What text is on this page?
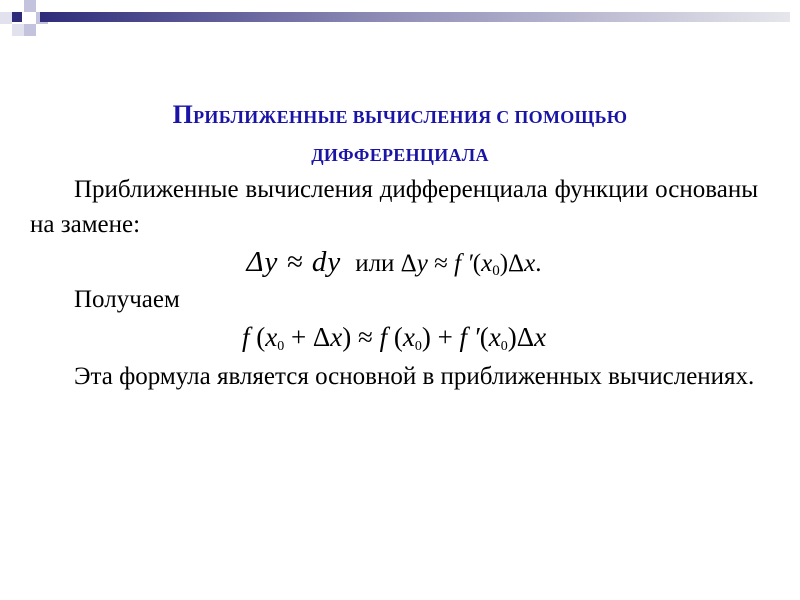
ПРИБЛИЖЕННЫЕ ВЫЧИСЛЕНИЯ С ПОМОЩЬЮ
ДИФФЕРЕНЦИАЛА

Приближенные вычисления дифференциала функции основаны на замене:

Δy ≈ dy или Δy ≈ f $'(x_0)\Delta x$.

Получаем

f $(x_0 + \Delta x) \approx f$ $(x_0) + f$ $'(x_0)\Delta x$

Эта формула является основной в приближенных вычислениях.
